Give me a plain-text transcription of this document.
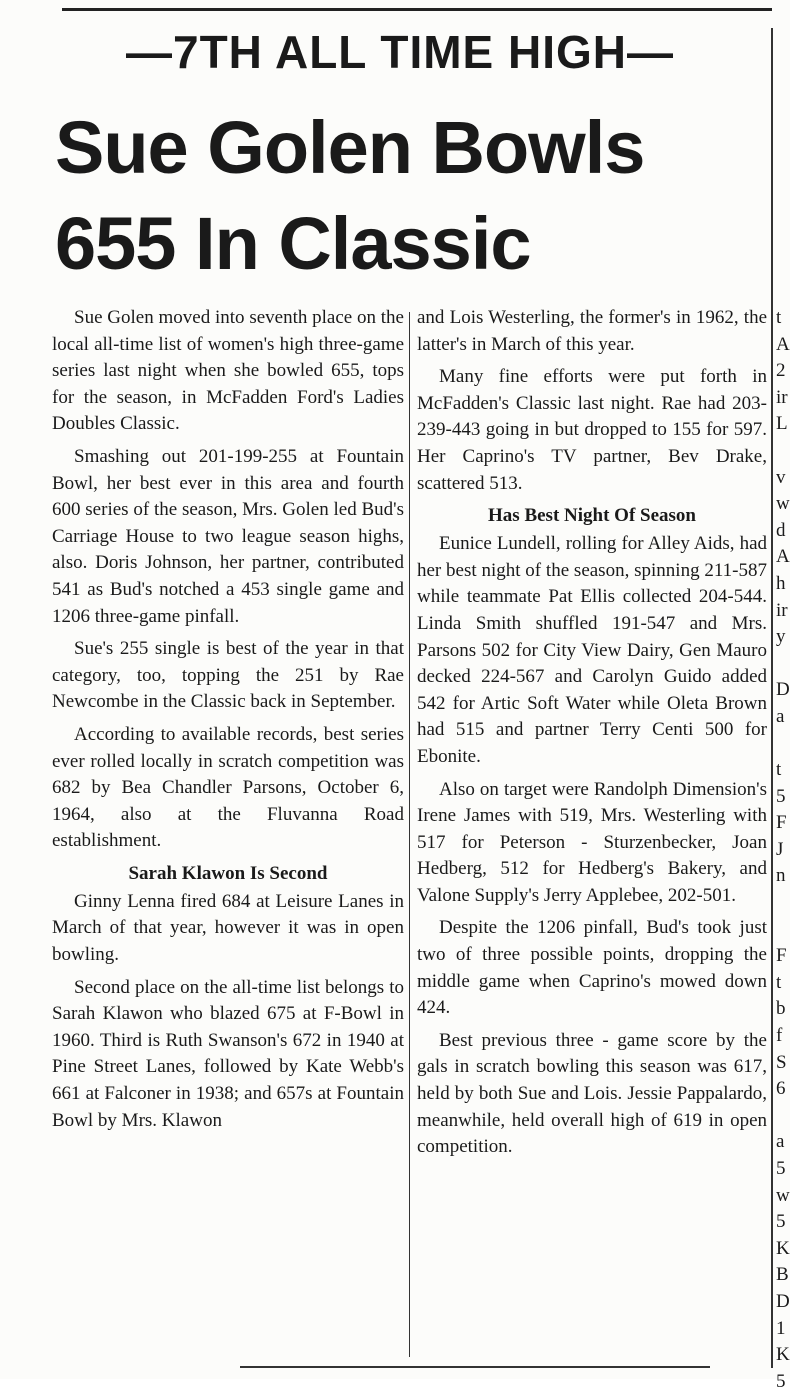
—7TH ALL TIME HIGH—
Sue Golen Bowls
655 In Classic

Sue Golen moved into seventh place on the local all-time list of women's high three-game series last night when she bowled 655, tops for the season, in McFadden Ford's Ladies Doubles Classic.

Smashing out 201-199-255 at Fountain Bowl, her best ever in this area and fourth 600 series of the season, Mrs. Golen led Bud's Carriage House to two league season highs, also. Doris Johnson, her partner, contributed 541 as Bud's notched a 453 single game and 1206 three-game pinfall.

Sue's 255 single is best of the year in that category, too, topping the 251 by Rae Newcombe in the Classic back in September.

According to available records, best series ever rolled locally in scratch competition was 682 by Bea Chandler Parsons, October 6, 1964, also at the Fluvanna Road establishment.

Sarah Klawon Is Second

Ginny Lenna fired 684 at Leisure Lanes in March of that year, however it was in open bowling.

Second place on the all-time list belongs to Sarah Klawon who blazed 675 at F-Bowl in 1960. Third is Ruth Swanson's 672 in 1940 at Pine Street Lanes, followed by Kate Webb's 661 at Falconer in 1938; and 657s at Fountain Bowl by Mrs. Klawon

and Lois Westerling, the former's in 1962, the latter's in March of this year.

Many fine efforts were put forth in McFadden's Classic last night. Rae had 203-239-443 going in but dropped to 155 for 597. Her Caprino's TV partner, Bev Drake, scattered 513.

Has Best Night Of Season

Eunice Lundell, rolling for Alley Aids, had her best night of the season, spinning 211-587 while teammate Pat Ellis collected 204-544. Linda Smith shuffled 191-547 and Mrs. Parsons 502 for City View Dairy, Gen Mauro decked 224-567 and Carolyn Guido added 542 for Artic Soft Water while Oleta Brown had 515 and partner Terry Centi 500 for Ebonite.

Also on target were Randolph Dimension's Irene James with 519, Mrs. Westerling with 517 for Peterson - Sturzenbecker, Joan Hedberg, 512 for Hedberg's Bakery, and Valone Supply's Jerry Applebee, 202-501.

Despite the 1206 pinfall, Bud's took just two of three possible points, dropping the middle game when Caprino's mowed down 424.

Best previous three - game score by the gals in scratch bowling this season was 617, held by both Sue and Lois. Jessie Pappalardo, meanwhile, held overall high of 619 in open competition.

t
A
2
ir
L
v
w
d
A
h
ir
y
D
a
t
5
F
J
n
F
t
b
f
S
6
a
5
w
5
K
B
D
1
K
5
